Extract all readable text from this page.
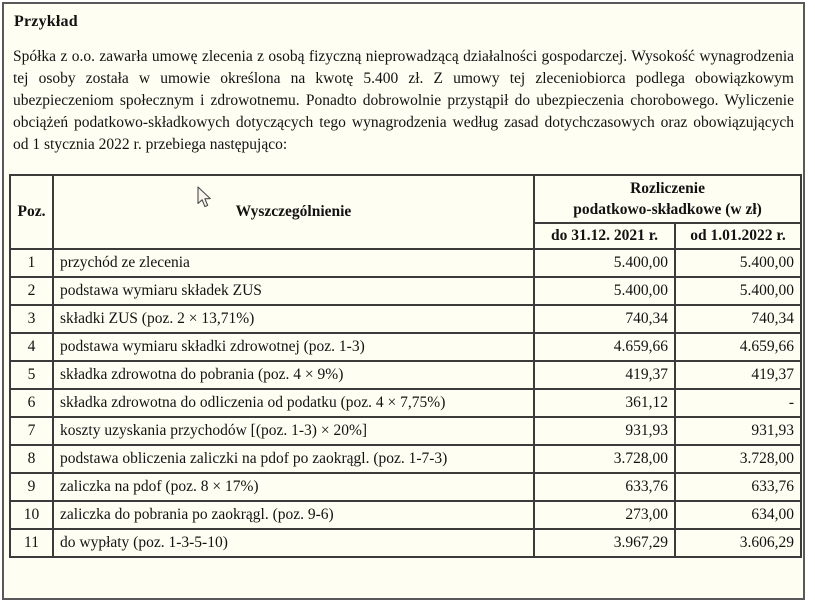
Przykład

Spółka z o.o. zawarła umowę zlecenia z osobą fizyczną nieprowadzącą działalności gospodarczej. Wysokość wynagrodzenia tej osoby została w umowie określona na kwotę 5.400 zł. Z umowy tej zleceniobiorca podlega obowiązkowym ubezpieczeniom społecznym i zdrowotnemu. Ponadto dobrowolnie przystąpił do ubezpieczenia chorobowego. Wyliczenie obciążeń podatkowo-składkowych dotyczących tego wynagrodzenia według zasad dotychczasowych oraz obowiązujących od 1 stycznia 2022 r. przebiega następująco:

Poz.	Wyszczególnienie	Rozliczenie
podatkowo-składkowe (w zł)	
		do 31.12. 2021 r.	od 1.01.2022 r.
1	przychód ze zlecenia	5.400,00	5.400,00
2	podstawa wymiaru składek ZUS	5.400,00	5.400,00
3	składki ZUS (poz. 2 × 13,71%)	740,34	740,34
4	podstawa wymiaru składki zdrowotnej (poz. 1-3)	4.659,66	4.659,66
5	składka zdrowotna do pobrania (poz. 4 × 9%)	419,37	419,37
6	składka zdrowotna do odliczenia od podatku (poz. 4 × 7,75%)	361,12	-
7	koszty uzyskania przychodów [(poz. 1-3) × 20%]	931,93	931,93
8	podstawa obliczenia zaliczki na pdof po zaokrągl. (poz. 1-7-3)	3.728,00	3.728,00
9	zaliczka na pdof (poz. 8 × 17%)	633,76	633,76
10	zaliczka do pobrania po zaokrągl. (poz. 9-6)	273,00	634,00
11	do wypłaty (poz. 1-3-5-10)	3.967,29	3.606,29
